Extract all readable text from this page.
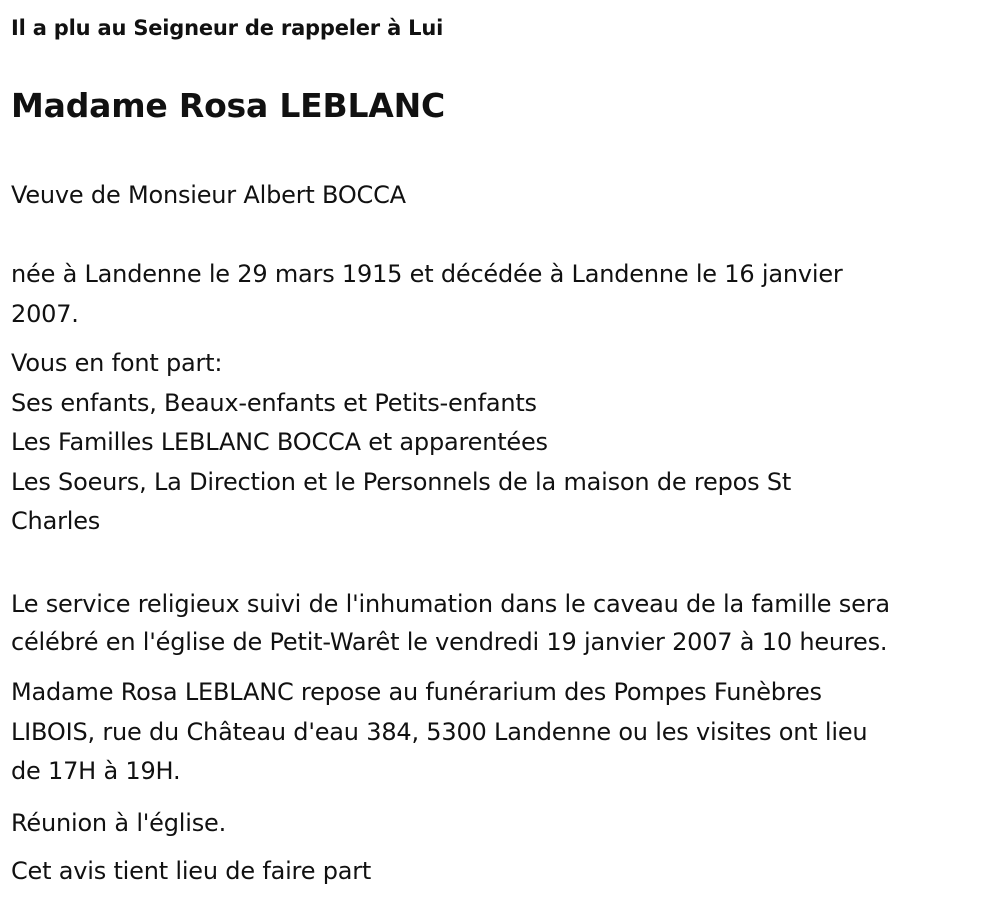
Il a plu au Seigneur de rappeler à Lui
Madame Rosa LEBLANC
Veuve de Monsieur Albert BOCCA
née à Landenne le 29 mars 1915 et décédée à Landenne le 16 janvier
2007.
Vous en font part:
Ses enfants, Beaux-enfants et Petits-enfants
Les Familles LEBLANC BOCCA et apparentées
Les Soeurs, La Direction et le Personnels de la maison de repos St
Charles
Le service religieux suivi de l'inhumation dans le caveau de la famille sera
célébré en l'église de Petit-Warêt le vendredi 19 janvier 2007 à 10 heures.
Madame Rosa LEBLANC repose au funérarium des Pompes Funèbres
LIBOIS, rue du Château d'eau 384, 5300 Landenne ou les visites ont lieu
de 17H à 19H.
Réunion à l'église.
Cet avis tient lieu de faire part
